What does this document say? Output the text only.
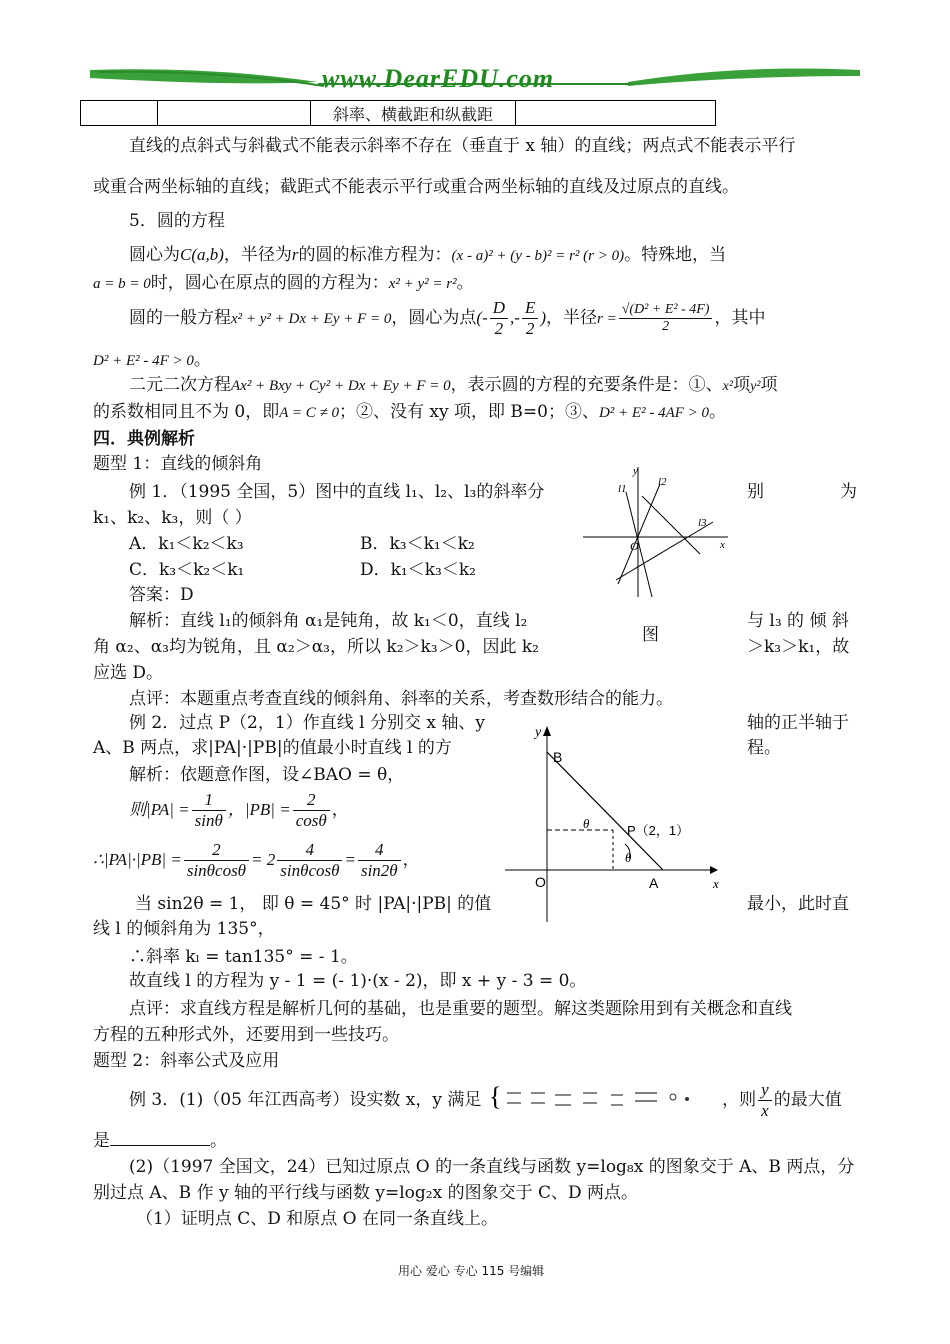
www.DearEDU.com
		斜率、横截距和纵截距	
直线的点斜式与斜截式不能表示斜率不存在（垂直于 x 轴）的直线；两点式不能表示平行
或重合两坐标轴的直线；截距式不能表示平行或重合两坐标轴的直线及过原点的直线。
5．圆的方程
圆心为C(a,b)，半径为r的圆的标准方程为：(x - a)² + (y - b)² = r² (r > 0)。特殊地，当
a = b = 0时，圆心在原点的圆的方程为：x² + y² = r²。
圆的一般方程x² + y² + Dx + Ey + F = 0，圆心为点(- $\frac{D}{2}$ ,- $\frac{E}{2}$ )，半径$r = \frac{\text{√(D² + E² - 4F)}}{2}$ ，其中
D² + E² - 4F > 0。
二元二次方程Ax² + Bxy + Cy² + Dx + Ey + F = 0，表示圆的方程的充要条件是：①、x²项y²项
的系数相同且不为 0，即A = C ≠ 0；②、没有 xy 项，即 B=0；③、D² + E² - 4AF > 0。
四．典例解析
题型 1：直线的倾斜角
例 1．（1995 全国，5）图中的直线 l₁、l₂、l₃的斜率分	别	为
k₁、k₂、k₃，则（ ）
A．k₁＜k₂＜k₃	B．k₃＜k₁＜k₂
C．k₃＜k₂＜k₁	D．k₁＜k₃＜k₂
答案：D
解析：直线 l₁的倾斜角 α₁是钝角，故 k₁＜0，直线 l₂	与 l₃ 的 倾 斜
角 α₂、α₃均为锐角，且 α₂＞α₃，所以 k₂＞k₃＞0，因此 k₂	＞k₃＞k₁，故
应选 D。
y
x
O
l1
l2
l3
图
点评：本题重点考查直线的倾斜角、斜率的关系，考查数形结合的能力。
例 2．过点 P（2，1）作直线 l 分别交 x 轴、y	轴的正半轴于
A、B 两点，求|PA|·|PB|的值最小时直线 l 的方	程。
解析：依题意作图，设∠BAO = θ，
则$|PA| = \frac{1}{\sin\theta}$ ，$|PB| = \frac{2}{\cos\theta}$ ，
∴|PA|·|PB| = $\frac{2}{\sin\theta\cos\theta} = 2 \frac{4}{\sin\theta\cos\theta} = \frac{4}{\sin 2\theta}$ ，
当 sin2θ = 1， 即 θ = 45° 时 |PA|·|PB| 的值	最小，此时直
线 l 的倾斜角为 135°，
∴斜率 kₗ = tan135° = - 1。
故直线 l 的方程为 y - 1 = (- 1)·(x - 2)，即 x + y - 3 = 0。
y
x
B
O	A
P（2，1）
θ
θ
点评：求直线方程是解析几何的基础，也是重要的题型。解这类题除用到有关概念和直线
方程的五种形式外，还要用到一些技巧。
题型 2：斜率公式及应用
例 3．(1)（05 年江西高考）设实数 x，y 满足 {	，则 $\frac{y}{x}$ 的最大值
是	。
(2)（1997 全国文，24）已知过原点 O 的一条直线与函数 y=log₈x 的图象交于 A、B 两点，分
别过点 A、B 作 y 轴的平行线与函数 y=log₂x 的图象交于 C、D 两点。
（1）证明点 C、D 和原点 O 在同一条直线上。
用心 爱心 专心 115 号编辑
